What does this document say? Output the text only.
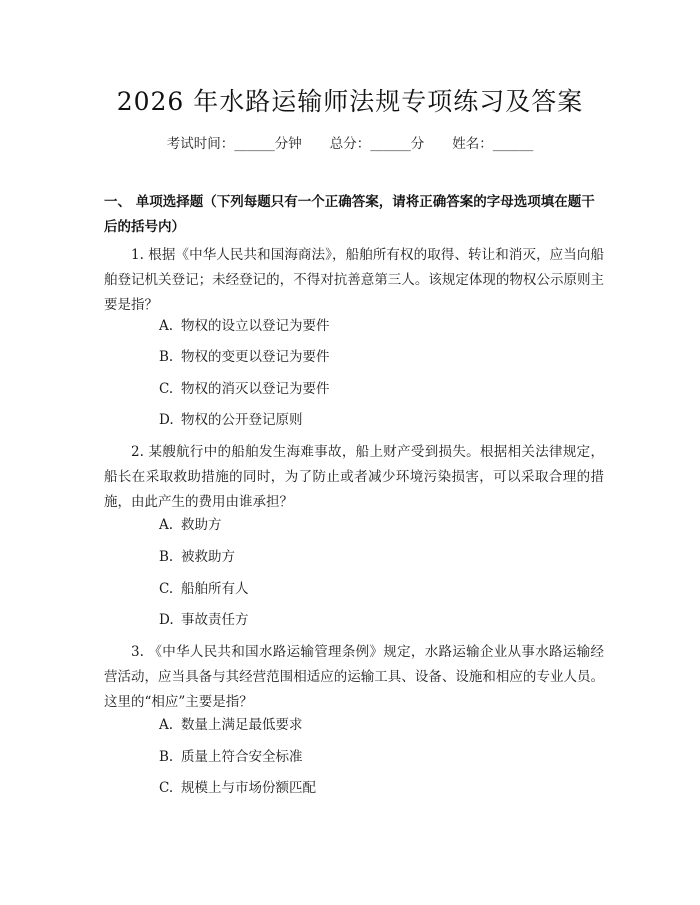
2026 年水路运输师法规专项练习及答案
考试时间：______分钟 总分：______分 姓名：______
一、 单项选择题（下列每题只有一个正确答案，请将正确答案的字母选项填在题干后的括号内）
1. 根据《中华人民共和国海商法》，船舶所有权的取得、转让和消灭，应当向船舶登记机关登记；未经登记的，不得对抗善意第三人。该规定体现的物权公示原则主要是指？
A. 物权的设立以登记为要件
B. 物权的变更以登记为要件
C. 物权的消灭以登记为要件
D. 物权的公开登记原则
2. 某艘航行中的船舶发生海难事故，船上财产受到损失。根据相关法律规定，船长在采取救助措施的同时，为了防止或者减少环境污染损害，可以采取合理的措施，由此产生的费用由谁承担？
A. 救助方
B. 被救助方
C. 船舶所有人
D. 事故责任方
3. 《中华人民共和国水路运输管理条例》规定，水路运输企业从事水路运输经营活动，应当具备与其经营范围相适应的运输工具、设备、设施和相应的专业人员。这里的“相应”主要是指？
A. 数量上满足最低要求
B. 质量上符合安全标准
C. 规模上与市场份额匹配
